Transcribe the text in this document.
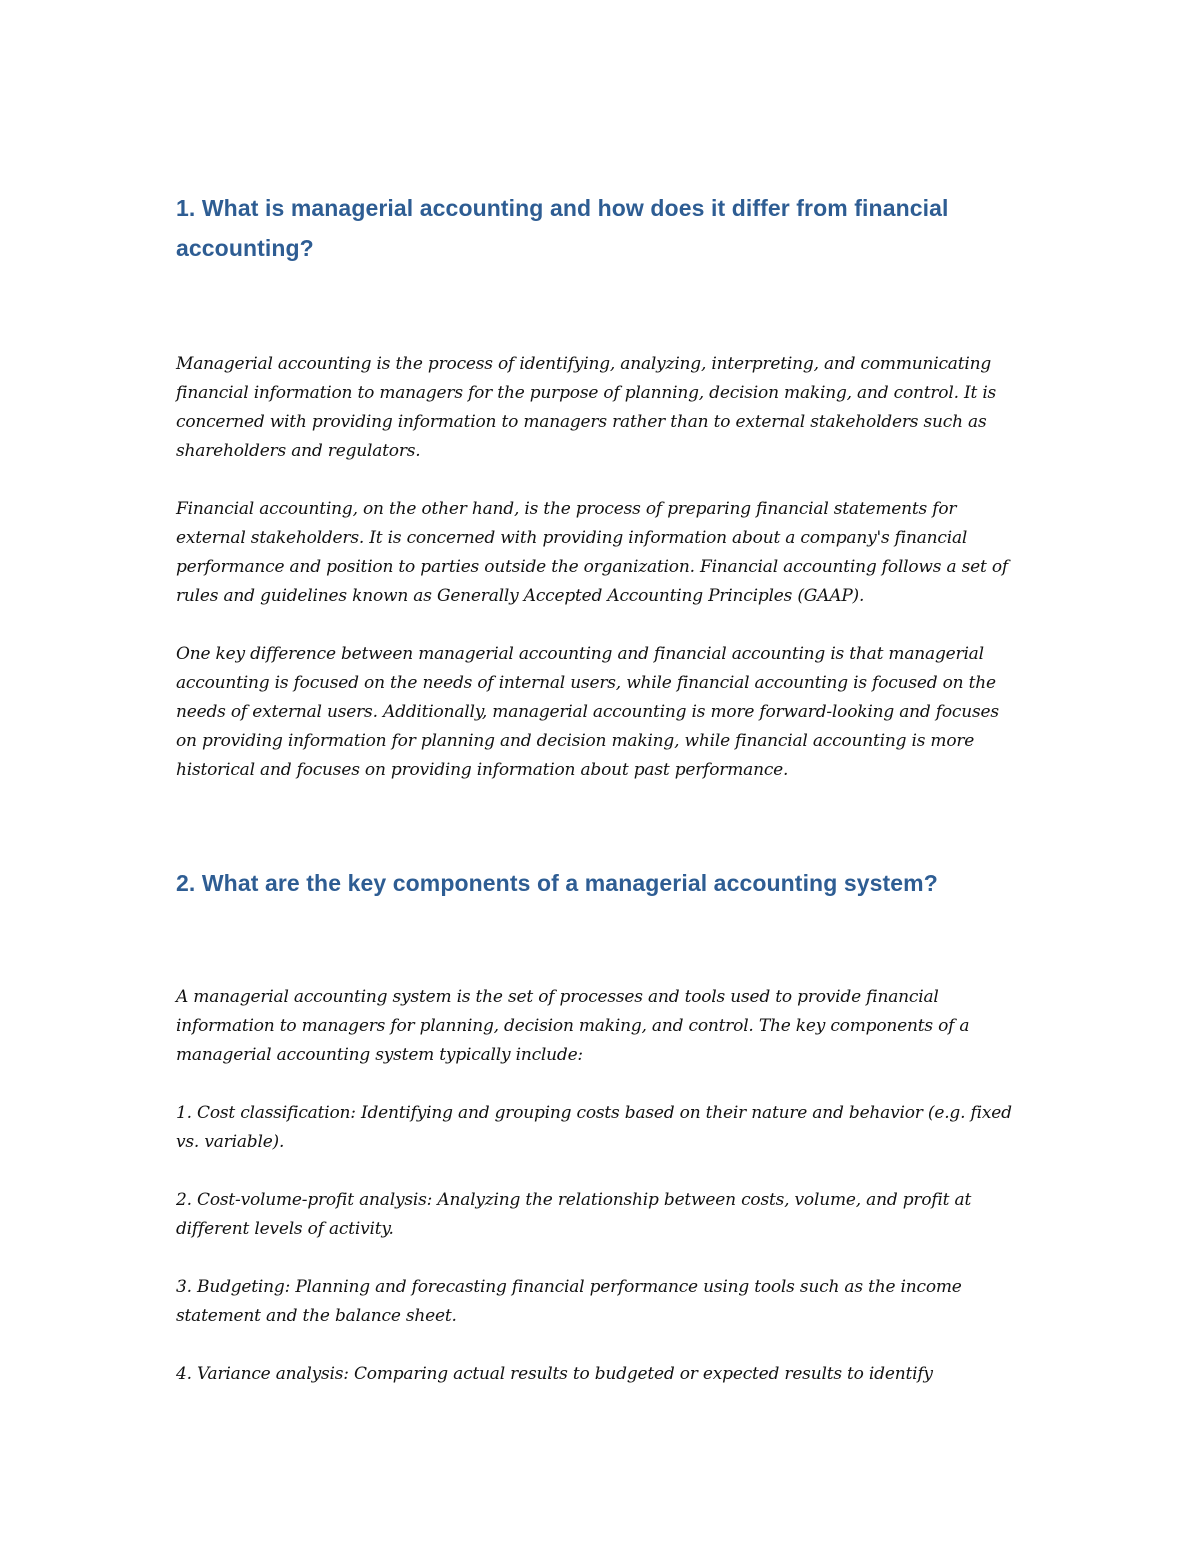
1. What is managerial accounting and how does it differ from financial accounting?

Managerial accounting is the process of identifying, analyzing, interpreting, and communicating financial information to managers for the purpose of planning, decision making, and control. It is concerned with providing information to managers rather than to external stakeholders such as shareholders and regulators.

Financial accounting, on the other hand, is the process of preparing financial statements for external stakeholders. It is concerned with providing information about a company's financial performance and position to parties outside the organization. Financial accounting follows a set of rules and guidelines known as Generally Accepted Accounting Principles (GAAP).

One key difference between managerial accounting and financial accounting is that managerial accounting is focused on the needs of internal users, while financial accounting is focused on the needs of external users. Additionally, managerial accounting is more forward-looking and focuses on providing information for planning and decision making, while financial accounting is more historical and focuses on providing information about past performance.

2. What are the key components of a managerial accounting system?

A managerial accounting system is the set of processes and tools used to provide financial information to managers for planning, decision making, and control. The key components of a managerial accounting system typically include:

1. Cost classification: Identifying and grouping costs based on their nature and behavior (e.g. fixed vs. variable).

2. Cost-volume-profit analysis: Analyzing the relationship between costs, volume, and profit at different levels of activity.

3. Budgeting: Planning and forecasting financial performance using tools such as the income statement and the balance sheet.

4. Variance analysis: Comparing actual results to budgeted or expected results to identify
